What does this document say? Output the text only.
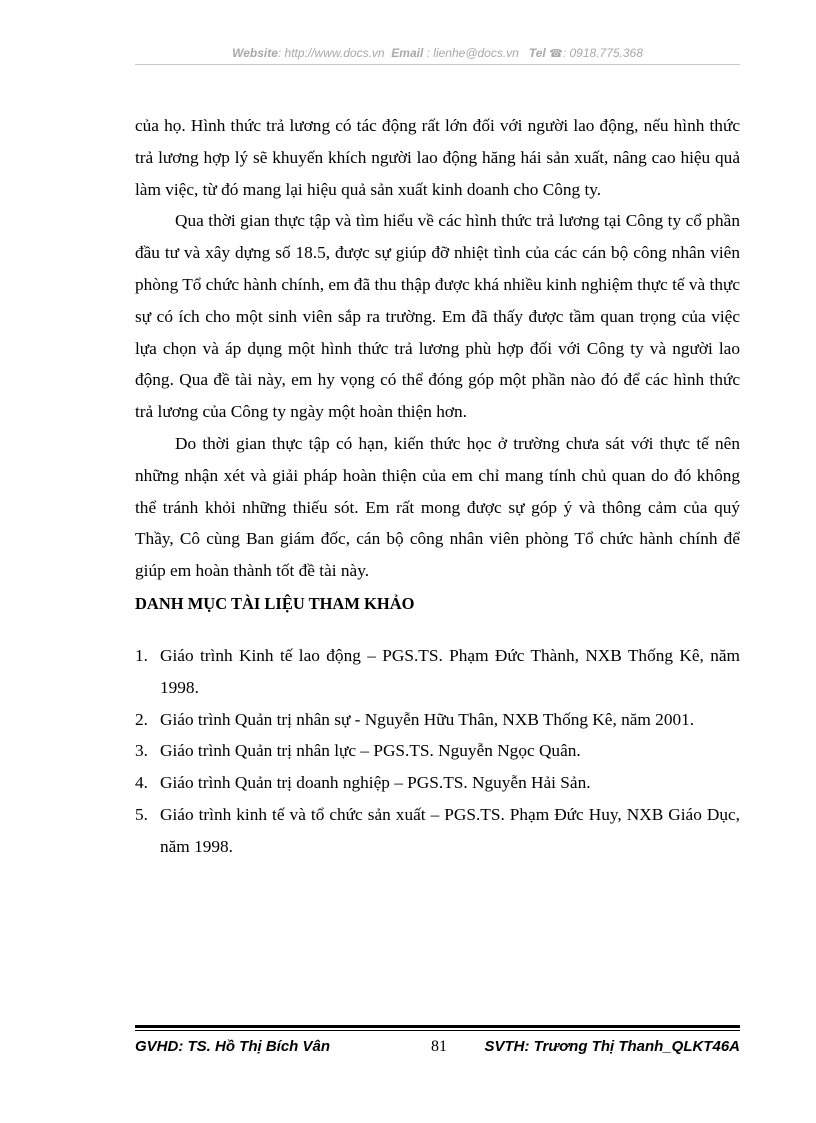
Website: http://www.docs.vn Email : lienhe@docs.vn Tel ☎: 0918.775.368

của họ. Hình thức trả lương có tác động rất lớn đối với người lao động, nếu hình thức trả lương hợp lý sẽ khuyến khích người lao động hăng hái sản xuất, nâng cao hiệu quả làm việc, từ đó mang lại hiệu quả sản xuất kinh doanh cho Công ty.

Qua thời gian thực tập và tìm hiểu về các hình thức trả lương tại Công ty cổ phần đầu tư và xây dựng số 18.5, được sự giúp đỡ nhiệt tình của các cán bộ công nhân viên phòng Tổ chức hành chính, em đã thu thập được khá nhiều kinh nghiệm thực tế và thực sự có ích cho một sinh viên sắp ra trường. Em đã thấy được tầm quan trọng của việc lựa chọn và áp dụng một hình thức trả lương phù hợp đối với Công ty và người lao động. Qua đề tài này, em hy vọng có thể đóng góp một phần nào đó để các hình thức trả lương của Công ty ngày một hoàn thiện hơn.

Do thời gian thực tập có hạn, kiến thức học ở trường chưa sát với thực tế nên những nhận xét và giải pháp hoàn thiện của em chỉ mang tính chủ quan do đó không thể tránh khỏi những thiếu sót. Em rất mong được sự góp ý và thông cảm của quý Thầy, Cô cùng Ban giám đốc, cán bộ công nhân viên phòng Tổ chức hành chính để giúp em hoàn thành tốt đề tài này.

DANH MỤC TÀI LIỆU THAM KHẢO

1. Giáo trình Kinh tế lao động – PGS.TS. Phạm Đức Thành, NXB Thống Kê, năm 1998.
2. Giáo trình Quản trị nhân sự - Nguyễn Hữu Thân, NXB Thống Kê, năm 2001.
3. Giáo trình Quản trị nhân lực – PGS.TS. Nguyễn Ngọc Quân.
4. Giáo trình Quản trị doanh nghiệp – PGS.TS. Nguyễn Hải Sản.
5. Giáo trình kinh tế và tổ chức sản xuất – PGS.TS. Phạm Đức Huy, NXB Giáo Dục, năm 1998.
GVHD: TS. Hồ Thị Bích Vân	81 SVTH: Trương Thị Thanh_QLKT46A
